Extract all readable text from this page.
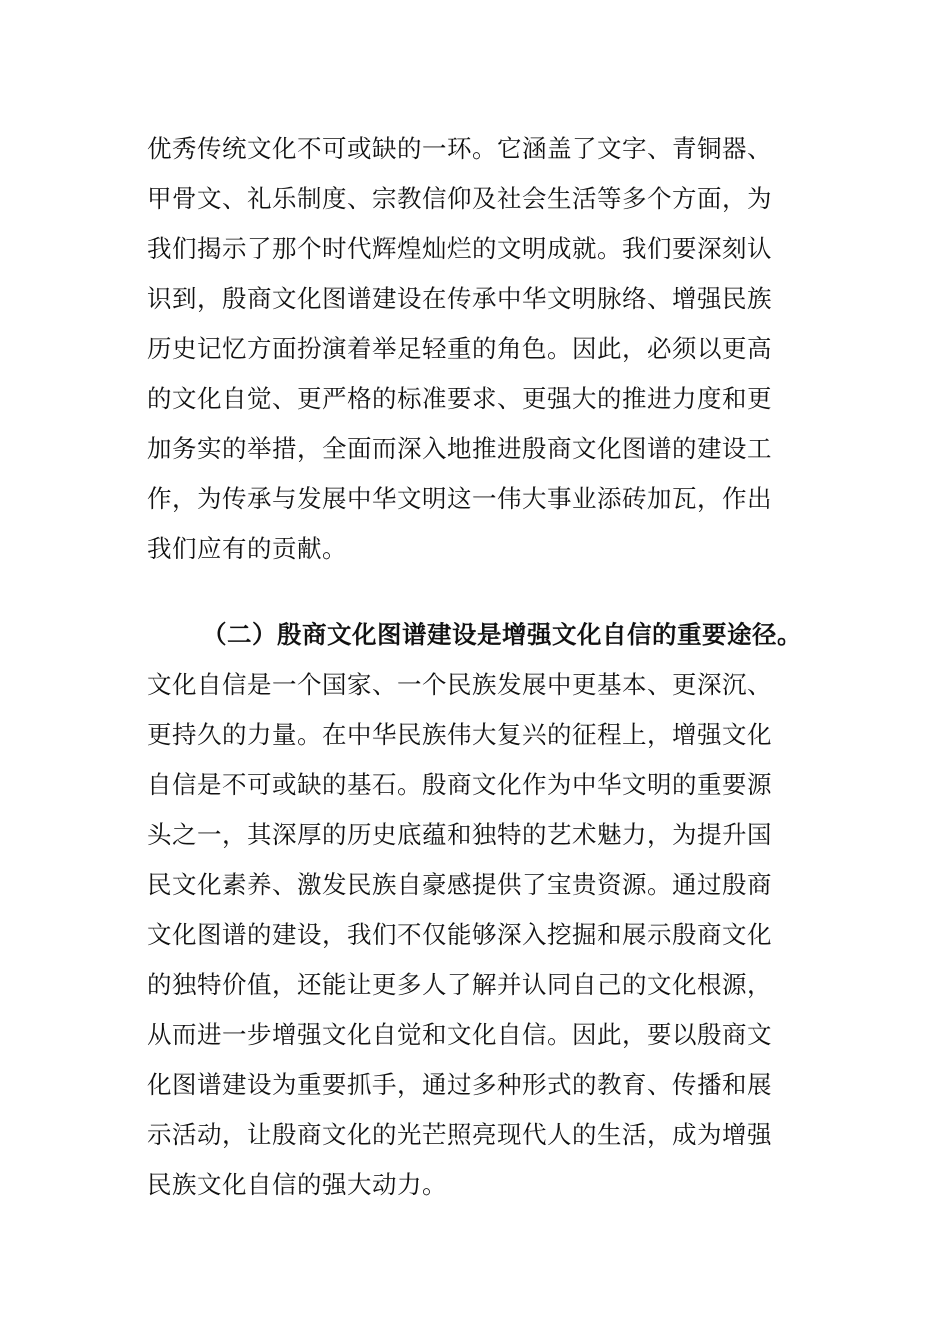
优秀传统文化不可或缺的一环。它涵盖了文字、青铜器、
甲骨文、礼乐制度、宗教信仰及社会生活等多个方面，为
我们揭示了那个时代辉煌灿烂的文明成就。我们要深刻认
识到，殷商文化图谱建设在传承中华文明脉络、增强民族
历史记忆方面扮演着举足轻重的角色。因此，必须以更高
的文化自觉、更严格的标准要求、更强大的推进力度和更
加务实的举措，全面而深入地推进殷商文化图谱的建设工
作，为传承与发展中华文明这一伟大事业添砖加瓦，作出
我们应有的贡献。
（二）殷商文化图谱建设是增强文化自信的重要途径。
文化自信是一个国家、一个民族发展中更基本、更深沉、
更持久的力量。在中华民族伟大复兴的征程上，增强文化
自信是不可或缺的基石。殷商文化作为中华文明的重要源
头之一，其深厚的历史底蕴和独特的艺术魅力，为提升国
民文化素养、激发民族自豪感提供了宝贵资源。通过殷商
文化图谱的建设，我们不仅能够深入挖掘和展示殷商文化
的独特价值，还能让更多人了解并认同自己的文化根源，
从而进一步增强文化自觉和文化自信。因此，要以殷商文
化图谱建设为重要抓手，通过多种形式的教育、传播和展
示活动，让殷商文化的光芒照亮现代人的生活，成为增强
民族文化自信的强大动力。
